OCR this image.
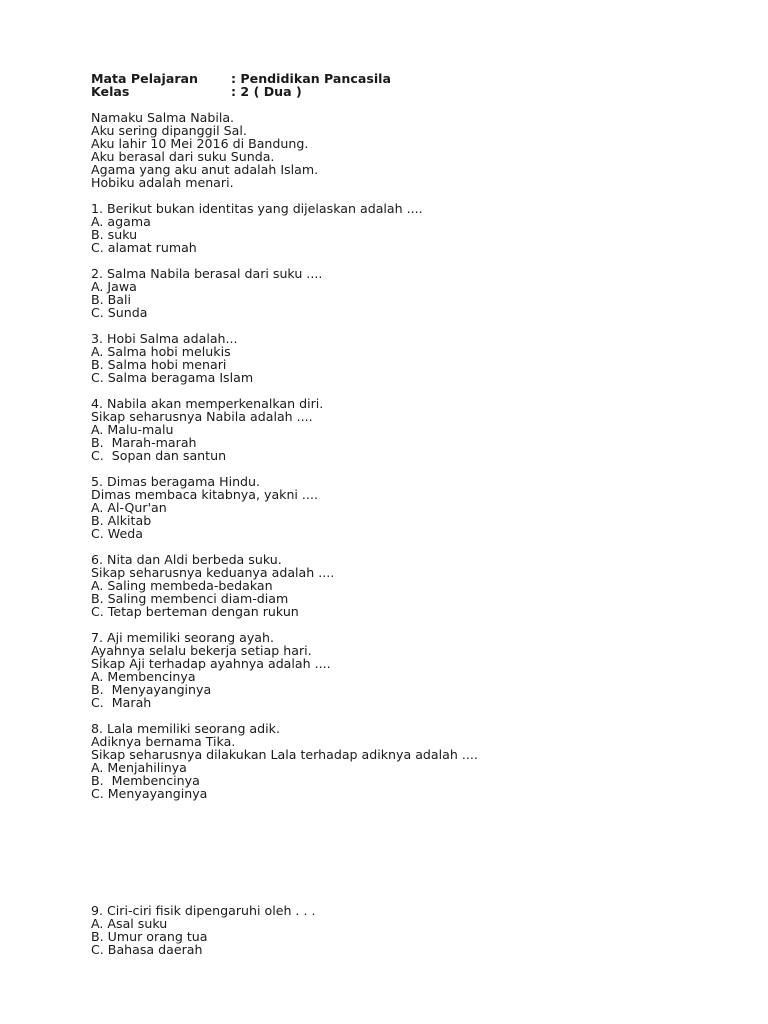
Mata Pelajaran	: Pendidikan Pancasila
Kelas	: 2 ( Dua )
Namaku Salma Nabila.
Aku sering dipanggil Sal.
Aku lahir 10 Mei 2016 di Bandung.
Aku berasal dari suku Sunda.
Agama yang aku anut adalah Islam.
Hobiku adalah menari.
1. Berikut bukan identitas yang dijelaskan adalah ....
A. agama
B. suku
C. alamat rumah
2. Salma Nabila berasal dari suku ....
A. Jawa
B. Bali
C. Sunda
3. Hobi Salma adalah...
A. Salma hobi melukis
B. Salma hobi menari
C. Salma beragama Islam
4. Nabila akan memperkenalkan diri.
Sikap seharusnya Nabila adalah ....
A. Malu-malu
B.  Marah-marah
C.  Sopan dan santun
5. Dimas beragama Hindu.
Dimas membaca kitabnya, yakni ....
A. Al-Qur'an
B. Alkitab
C. Weda
6. Nita dan Aldi berbeda suku.
Sikap seharusnya keduanya adalah ....
A. Saling membeda-bedakan
B. Saling membenci diam-diam
C. Tetap berteman dengan rukun
7. Aji memiliki seorang ayah.
Ayahnya selalu bekerja setiap hari.
Sikap Aji terhadap ayahnya adalah ....
A. Membencinya
B.  Menyayanginya
C.  Marah
8. Lala memiliki seorang adik.
Adiknya bernama Tika.
Sikap seharusnya dilakukan Lala terhadap adiknya adalah ....
A. Menjahilinya
B.  Membencinya
C. Menyayanginya
9. Ciri-ciri fisik dipengaruhi oleh . . .
A. Asal suku
B. Umur orang tua
C. Bahasa daerah
